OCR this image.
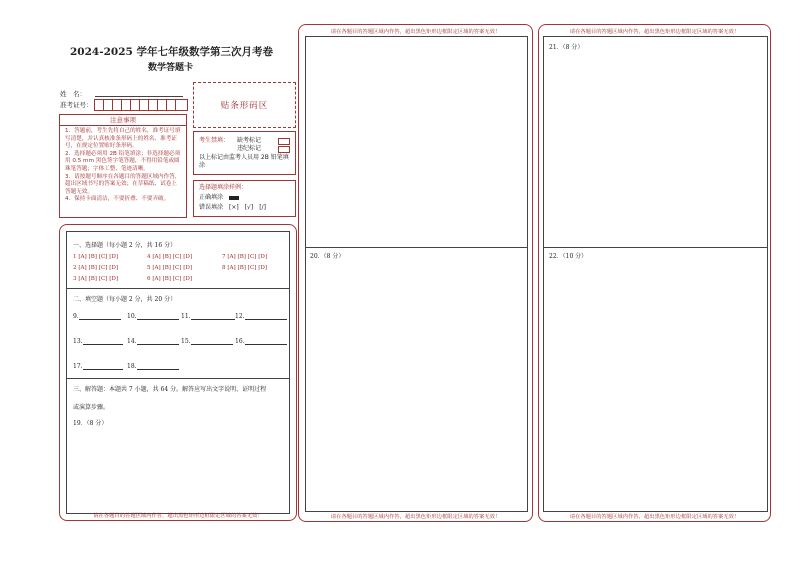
2024-2025 学年七年级数学第三次月考卷
数学答题卡
姓　名：
准考证号：	贴条形码区
注意事项
1．答题前，考生先将自己的姓名，准考证号填写清楚，并认真核准条形码上的姓名、准考证号，在规定位置贴好条形码。
2．选择题必须用 2B 铅笔填涂；非选择题必须用 0.5 mm 黑色签字笔答题，不得用铅笔或圆珠笔答题；字体工整、笔迹清晰。
3．请按题号顺序在各题目的答题区域内作答，超出区域书写的答案无效；在草稿纸、试卷上答题无效。
4．保持卡面清洁，不要折叠、不要弄破。
考生禁填： 缺考标记
违纪标记
以上标记由监考人员用 2B 铅笔填涂
选择题填涂样例：
正确填涂
错误填涂 [×]　[√]　[/]
一、选择题（每小题 2 分，共 16 分）
1 [A] [B] [C] [D]	4 [A] [B] [C] [D]	7 [A] [B] [C] [D]
2 [A] [B] [C] [D]	5 [A] [B] [C] [D]	8 [A] [B] [C] [D]
3 [A] [B] [C] [D]	6 [A] [B] [C] [D]
二、填空题（每小题 2 分，共 20 分）
9.	10.	11.	12.
13.	14.	15.	16.
17.	18.
三、解答题：本题共 7 小题，共 64 分。解答应写出文字说明、证明过程
或演算步骤。
19．（8 分）
请在各题目的答题区域内作答，超出黑色矩形边框限定区域的答案无效！
请在各题目的答题区域内作答，超出黑色矩形边框限定区域的答案无效！
20．（8 分）
请在各题目的答题区域内作答，超出黑色矩形边框限定区域的答案无效！
请在各题目的答题区域内作答，超出黑色矩形边框限定区域的答案无效！
21．（8 分）
22．（10 分）
请在各题目的答题区域内作答，超出黑色矩形边框限定区域的答案无效！
